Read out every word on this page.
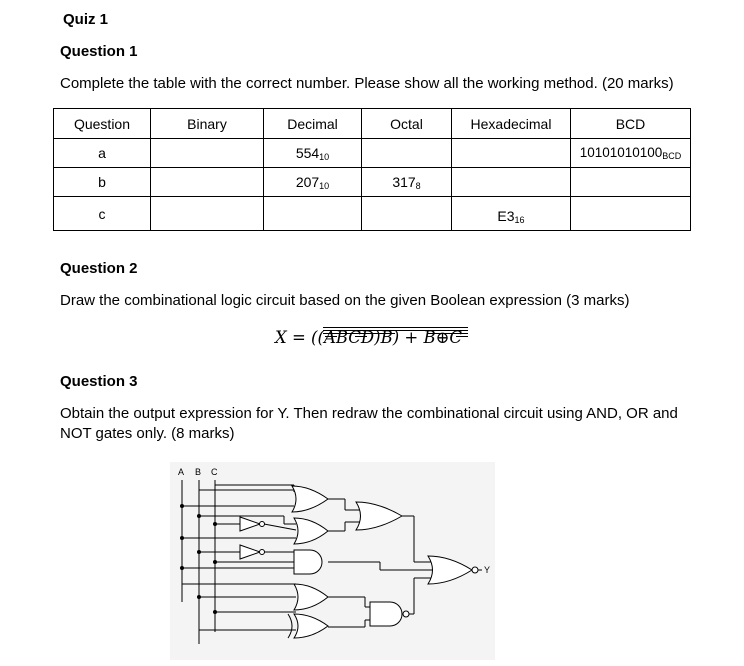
Quiz 1
Question 1
Complete the table with the correct number. Please show all the working method. (20 marks)
Question	Binary	Decimal	Octal	Hexadecimal	BCD
a		$554_{10}$			$10101010100_{BCD}$
b		$207_{10}$	$317_8$		
c				$E3_{16}$	
Question 2
Draw the combinational logic circuit based on the given Boolean expression (3 marks)
X = ((ABCD)B) + B⊕C
Question 3
Obtain the output expression for Y. Then redraw the combinational circuit using AND, OR and
NOT gates only. (8 marks)
A B C
Y
